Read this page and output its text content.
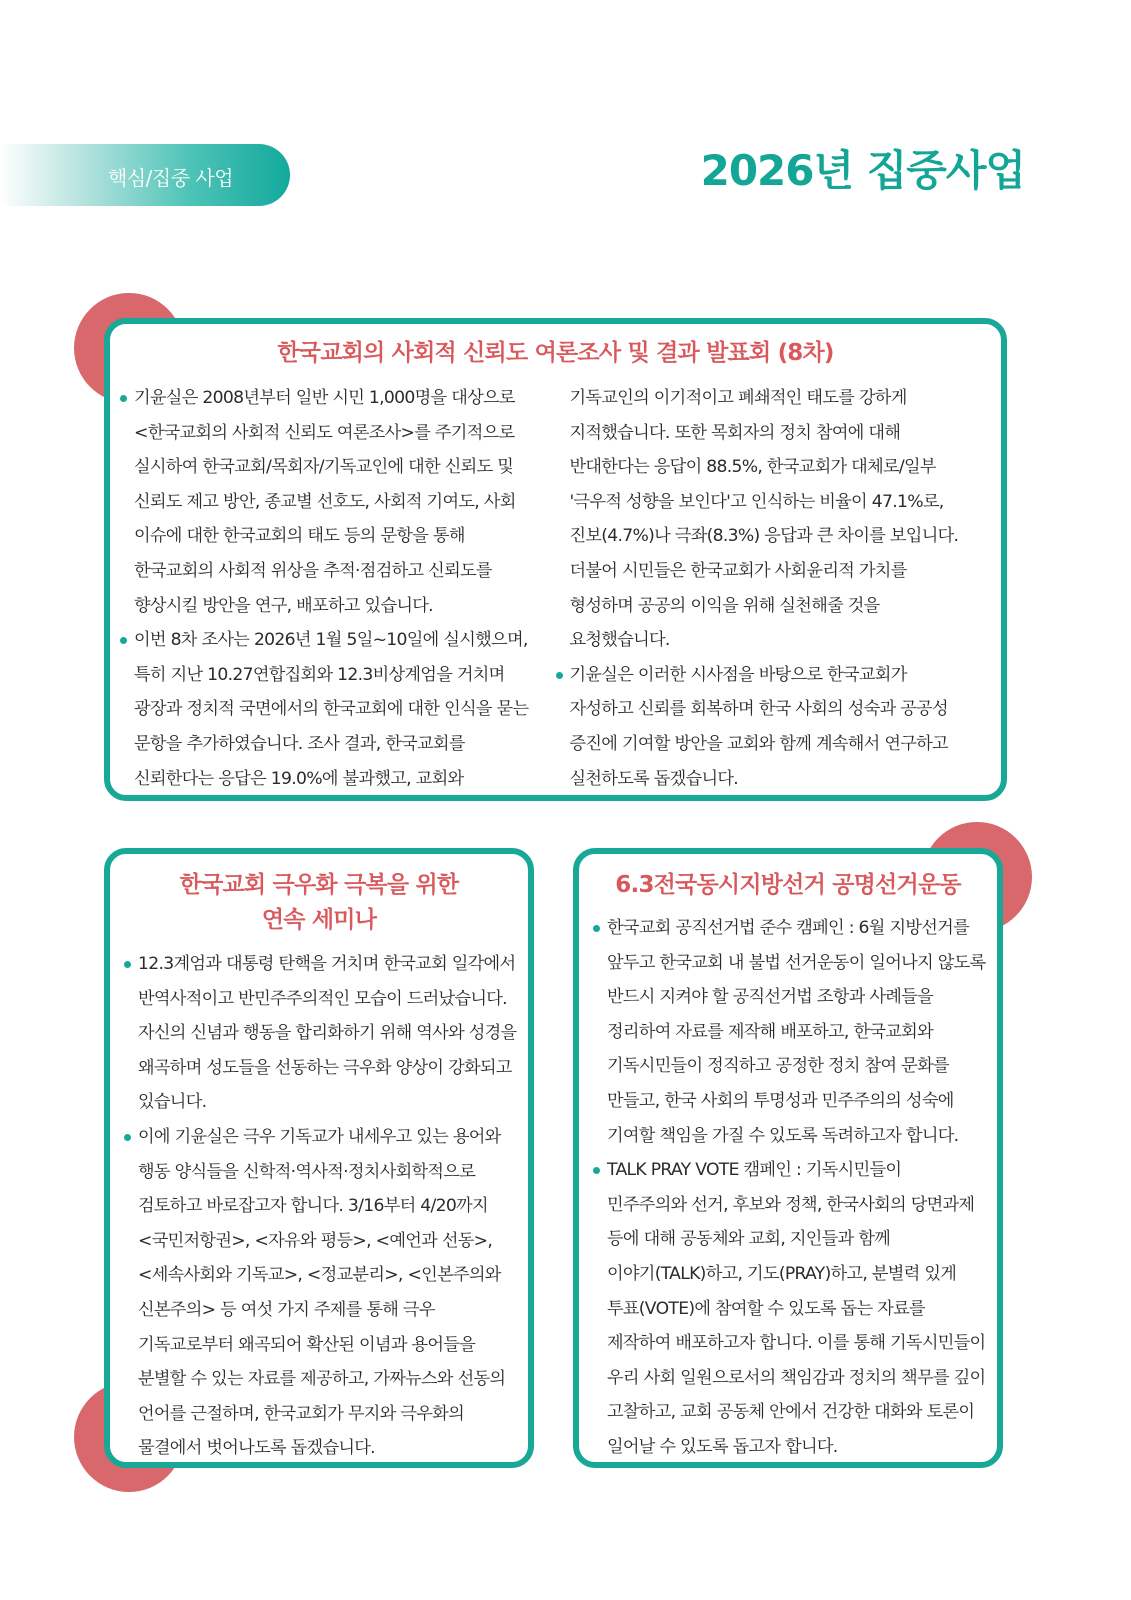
핵심/집중 사업	2026년 집중사업
한국교회의 사회적 신뢰도 여론조사 및 결과 발표회 (8차)
기윤실은 2008년부터 일반 시민 1,000명을 대상으로
<한국교회의 사회적 신뢰도 여론조사>를 주기적으로
실시하여 한국교회/목회자/기독교인에 대한 신뢰도 및
신뢰도 제고 방안, 종교별 선호도, 사회적 기여도, 사회
이슈에 대한 한국교회의 태도 등의 문항을 통해
한국교회의 사회적 위상을 추적·점검하고 신뢰도를
향상시킬 방안을 연구, 배포하고 있습니다.
이번 8차 조사는 2026년 1월 5일~10일에 실시했으며,
특히 지난 10.27연합집회와 12.3비상계엄을 거치며
광장과 정치적 국면에서의 한국교회에 대한 인식을 묻는
문항을 추가하였습니다. 조사 결과, 한국교회를
신뢰한다는 응답은 19.0%에 불과했고, 교회와
기독교인의 이기적이고 폐쇄적인 태도를 강하게
지적했습니다. 또한 목회자의 정치 참여에 대해
반대한다는 응답이 88.5%, 한국교회가 대체로/일부
'극우적 성향을 보인다'고 인식하는 비율이 47.1%로,
진보(4.7%)나 극좌(8.3%) 응답과 큰 차이를 보입니다.
더불어 시민들은 한국교회가 사회윤리적 가치를
형성하며 공공의 이익을 위해 실천해줄 것을
요청했습니다.
기윤실은 이러한 시사점을 바탕으로 한국교회가
자성하고 신뢰를 회복하며 한국 사회의 성숙과 공공성
증진에 기여할 방안을 교회와 함께 계속해서 연구하고
실천하도록 돕겠습니다.
한국교회 극우화 극복을 위한
연속 세미나
12.3계엄과 대통령 탄핵을 거치며 한국교회 일각에서
반역사적이고 반민주주의적인 모습이 드러났습니다.
자신의 신념과 행동을 합리화하기 위해 역사와 성경을
왜곡하며 성도들을 선동하는 극우화 양상이 강화되고
있습니다.
이에 기윤실은 극우 기독교가 내세우고 있는 용어와
행동 양식들을 신학적·역사적·정치사회학적으로
검토하고 바로잡고자 합니다. 3/16부터 4/20까지
<국민저항권>, <자유와 평등>, <예언과 선동>,
<세속사회와 기독교>, <정교분리>, <인본주의와
신본주의> 등 여섯 가지 주제를 통해 극우
기독교로부터 왜곡되어 확산된 이념과 용어들을
분별할 수 있는 자료를 제공하고, 가짜뉴스와 선동의
언어를 근절하며, 한국교회가 무지와 극우화의
물결에서 벗어나도록 돕겠습니다.
6.3전국동시지방선거 공명선거운동
한국교회 공직선거법 준수 캠페인 : 6월 지방선거를
앞두고 한국교회 내 불법 선거운동이 일어나지 않도록
반드시 지켜야 할 공직선거법 조항과 사례들을
정리하여 자료를 제작해 배포하고, 한국교회와
기독시민들이 정직하고 공정한 정치 참여 문화를
만들고, 한국 사회의 투명성과 민주주의의 성숙에
기여할 책임을 가질 수 있도록 독려하고자 합니다.
TALK PRAY VOTE 캠페인 : 기독시민들이
민주주의와 선거, 후보와 정책, 한국사회의 당면과제
등에 대해 공동체와 교회, 지인들과 함께
이야기(TALK)하고, 기도(PRAY)하고, 분별력 있게
투표(VOTE)에 참여할 수 있도록 돕는 자료를
제작하여 배포하고자 합니다. 이를 통해 기독시민들이
우리 사회 일원으로서의 책임감과 정치의 책무를 깊이
고찰하고, 교회 공동체 안에서 건강한 대화와 토론이
일어날 수 있도록 돕고자 합니다.
